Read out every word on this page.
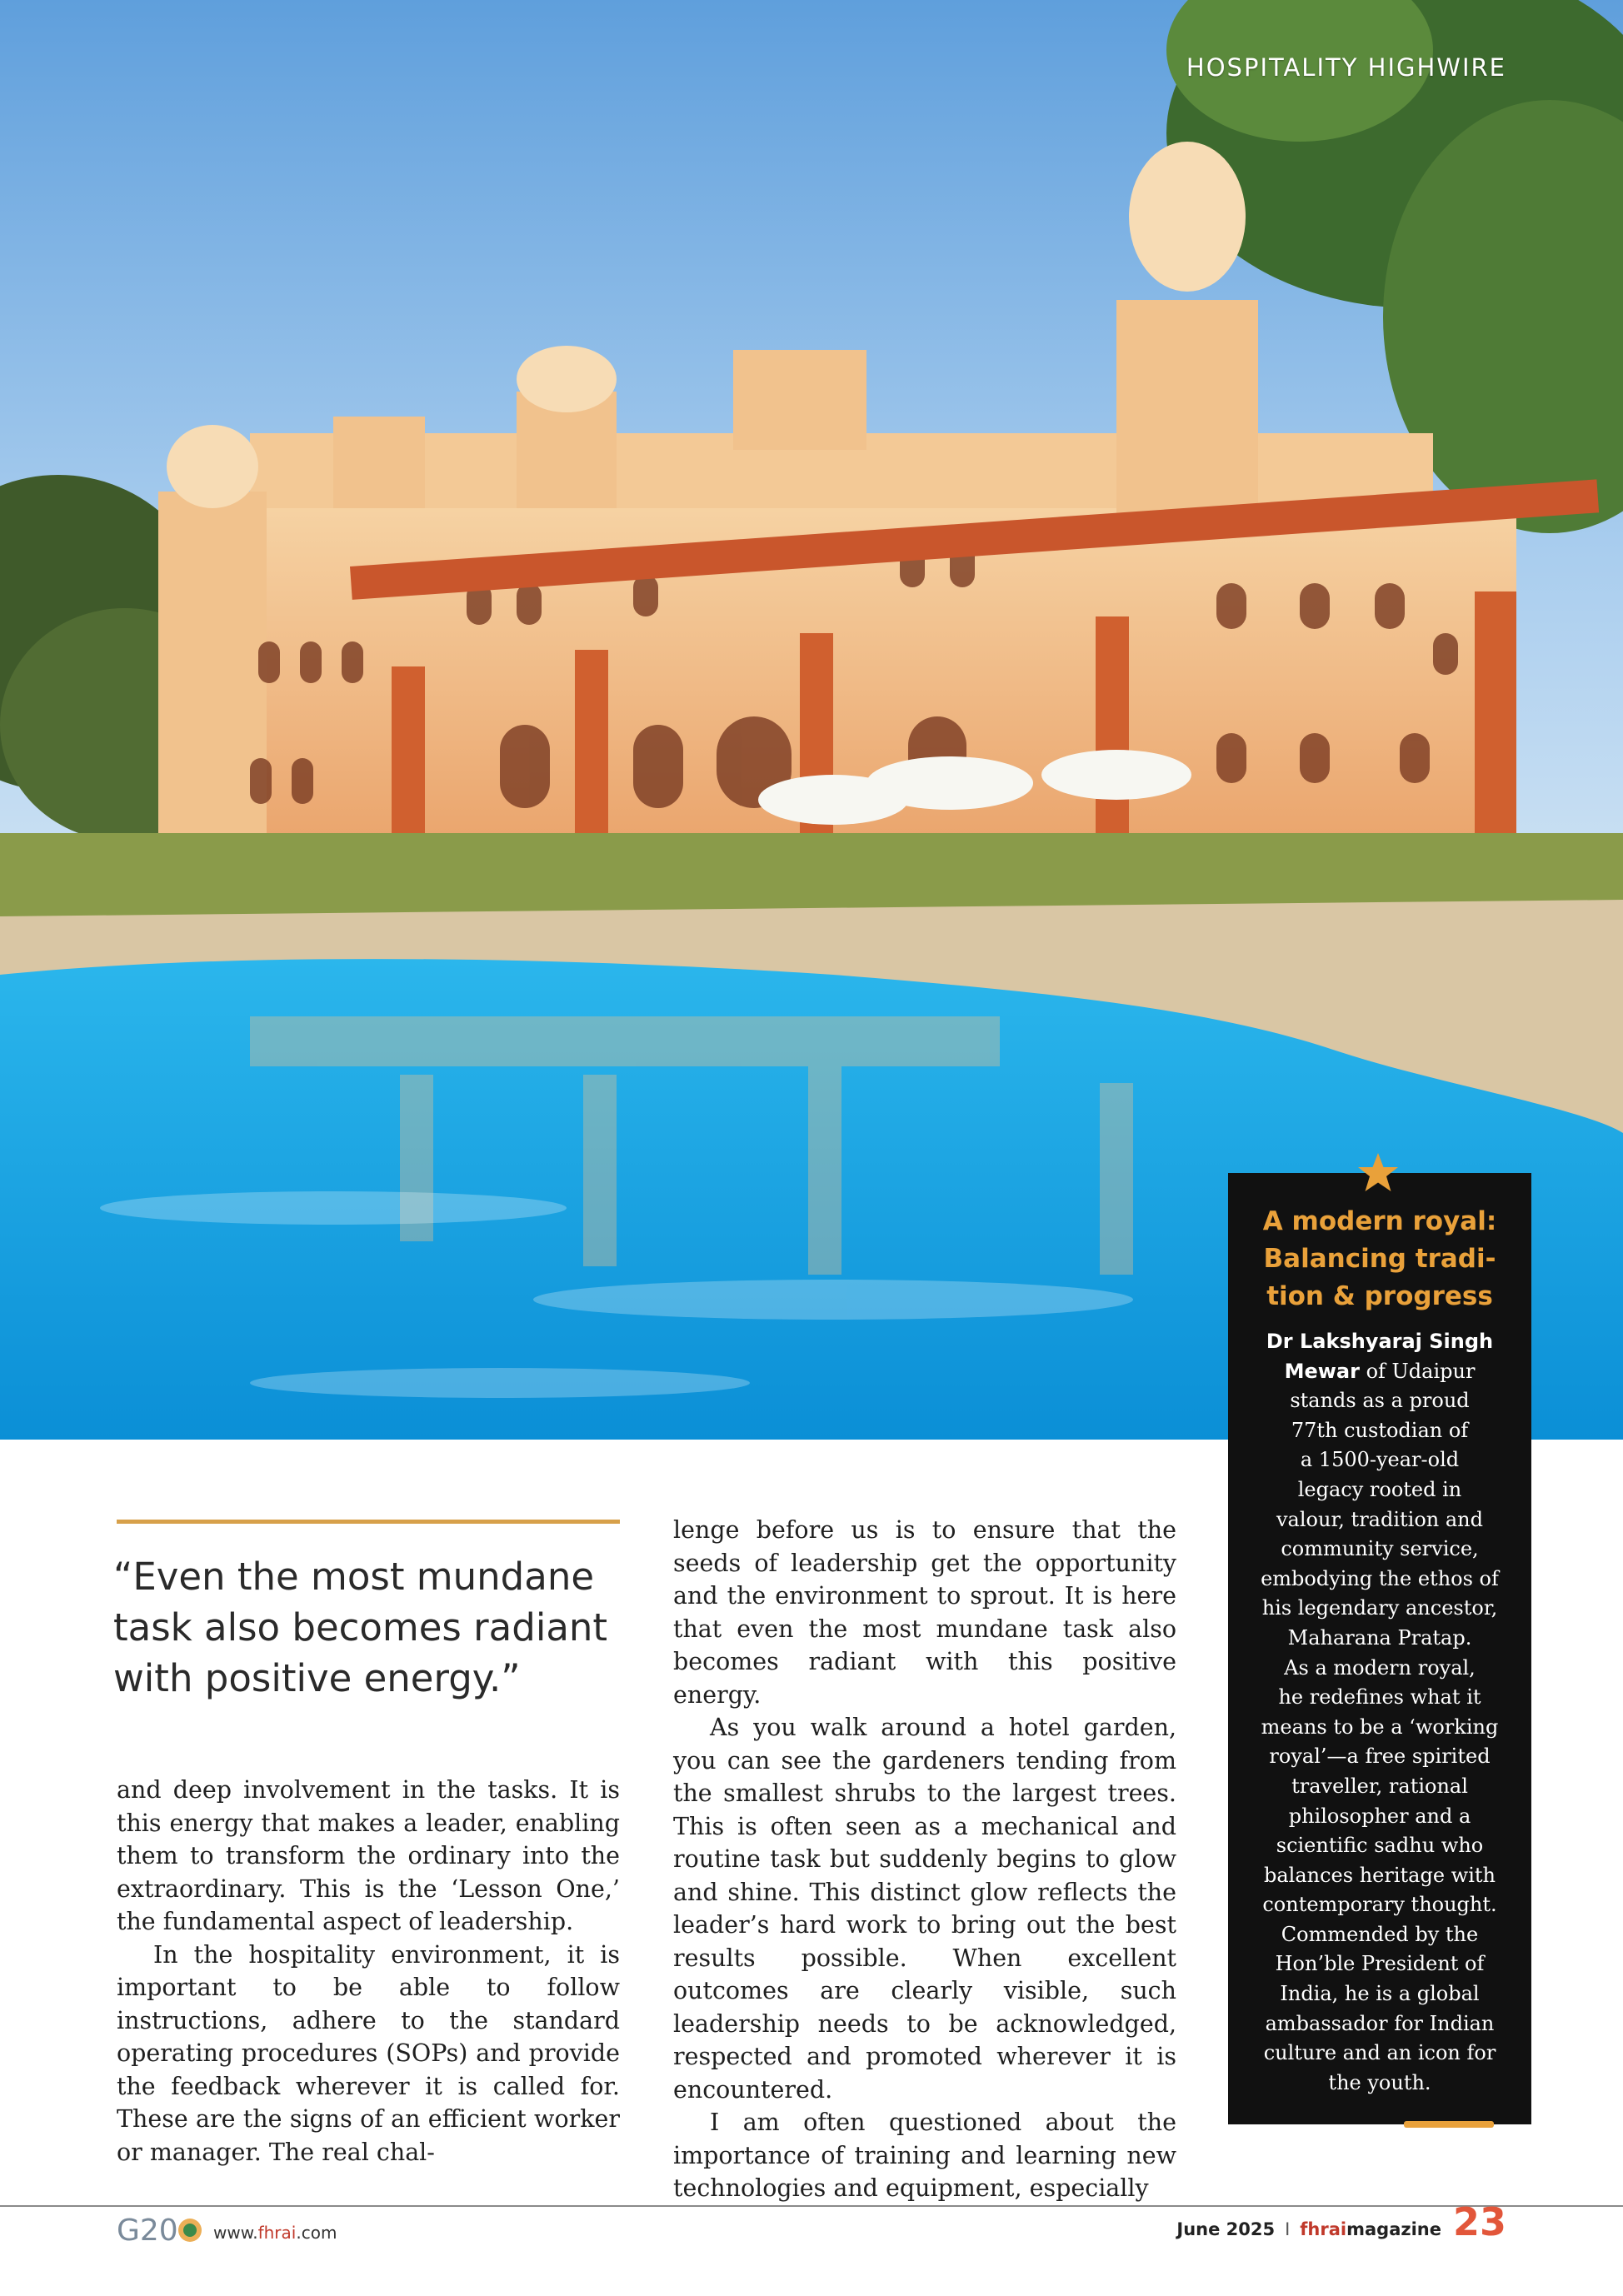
HOSPITALITY HIGHWIRE
A modern royal:
Balancing tradi-
tion & progress

Dr Lakshyaraj Singh
Mewar of Udaipur
stands as a proud
77th custodian of
a 1500-year-old
legacy rooted in
valour, tradition and
community service,
embodying the ethos of
his legendary ancestor,
Maharana Pratap.
As a modern royal,
he redefines what it
means to be a ‘working
royal’—a free spirited
traveller, rational
philosopher and a
scientific sadhu who
balances heritage with
contemporary thought.
Commended by the
Hon’ble President of
India, he is a global
ambassador for Indian
culture and an icon for
the youth.

“Even the most mundane
task also becomes radiant
with positive energy.”

and deep involvement in the tasks. It is this energy that makes a leader, enabling them to transform the ordinary into the extraordinary. This is the ‘Lesson One,’ the fundamental aspect of leadership.

In the hospitality environment, it is important to be able to follow instructions, adhere to the standard operating procedures (SOPs) and provide the feedback wherever it is called for. These are the signs of an efficient worker or manager. The real chal-

lenge before us is to ensure that the seeds of leadership get the opportunity and the environment to sprout. It is here that even the most mundane task also becomes radiant with this positive energy.

As you walk around a hotel garden, you can see the gardeners tending from the smallest shrubs to the largest trees. This is often seen as a mechanical and routine task but suddenly begins to glow and shine. This distinct glow reflects the leader’s hard work to bring out the best results possible. When excellent outcomes are clearly visible, such leadership needs to be acknowledged, respected and promoted wherever it is encountered.

I am often questioned about the importance of training and learning new technologies and equipment, especially

G20 www.fhrai.com	June 2025 I fhraimagazine 23
